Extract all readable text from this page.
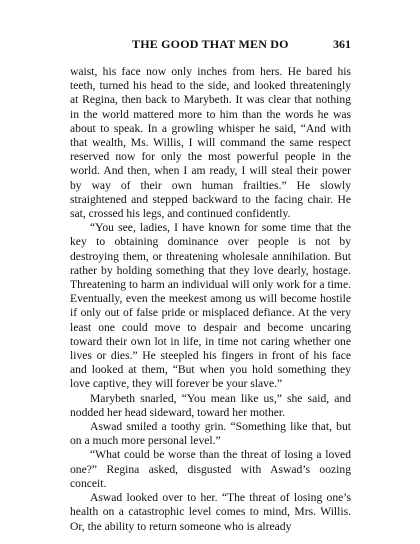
THE GOOD THAT MEN DO	361

waist, his face now only inches from hers. He bared his teeth, turned his head to the side, and looked threateningly at Regina, then back to Marybeth. It was clear that nothing in the world mattered more to him than the words he was about to speak. In a growling whisper he said, “And with that wealth, Ms. Willis, I will command the same respect reserved now for only the most powerful people in the world. And then, when I am ready, I will steal their power by way of their own human frailties.” He slowly straightened and stepped backward to the facing chair. He sat, crossed his legs, and continued confidently.

“You see, ladies, I have known for some time that the key to obtaining dominance over people is not by destroying them, or threatening wholesale annihilation. But rather by holding something that they love dearly, hostage. Threatening to harm an individual will only work for a time. Eventually, even the meekest among us will become hostile if only out of false pride or misplaced defiance. At the very least one could move to despair and become uncaring toward their own lot in life, in time not caring whether one lives or dies.” He steepled his fingers in front of his face and looked at them, “But when you hold something they love captive, they will forever be your slave.”

Marybeth snarled, “You mean like us,” she said, and nodded her head sideward, toward her mother.

Aswad smiled a toothy grin. “Something like that, but on a much more personal level.”

“What could be worse than the threat of losing a loved one?” Regina asked, disgusted with Aswad’s oozing conceit.

Aswad looked over to her. “The threat of losing one’s health on a catastrophic level comes to mind, Mrs. Willis. Or, the ability to return someone who is already
